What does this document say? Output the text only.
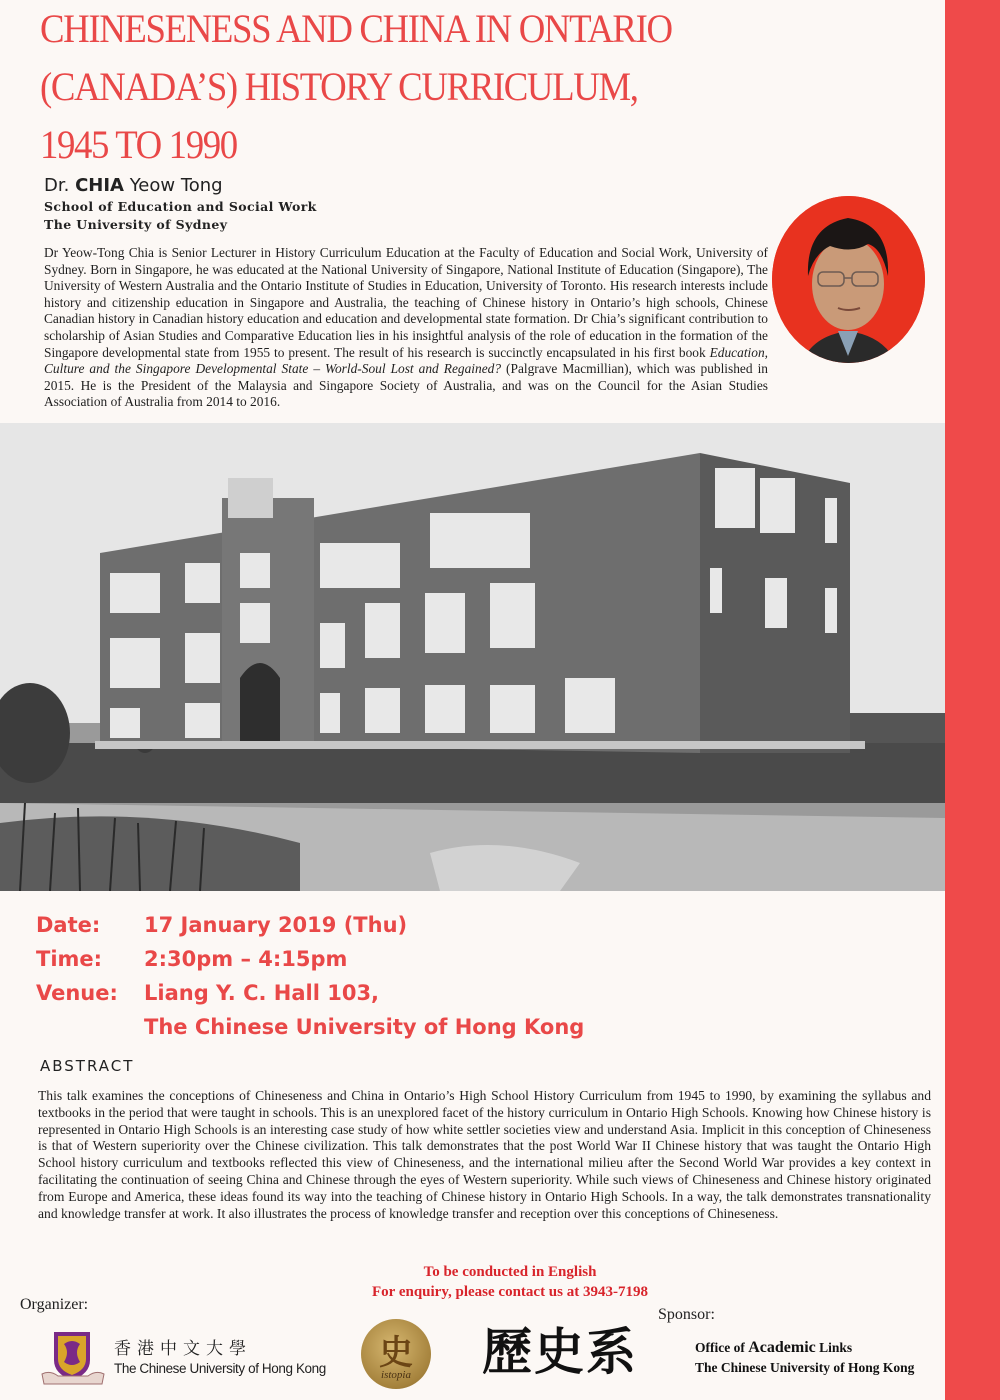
CHINESENESS AND CHINA IN ONTARIO
(CANADA’S) HISTORY CURRICULUM,
1945 TO 1990
Dr. CHIA Yeow Tong
School of Education and Social Work
The University of Sydney
Dr Yeow-Tong Chia is Senior Lecturer in History Curriculum Education at the Faculty of Education and Social Work, University of Sydney. Born in Singapore, he was educated at the National University of Singapore, National Institute of Education (Singapore), The University of Western Australia and the Ontario Institute of Studies in Education, University of Toronto. His research interests include history and citizenship education in Singapore and Australia, the teaching of Chinese history in Ontario’s high schools, Chinese Canadian history in Canadian history education and education and developmental state formation. Dr Chia’s significant contribution to scholarship of Asian Studies and Comparative Education lies in his insightful analysis of the role of education in the formation of the Singapore developmental state from 1955 to present. The result of his research is succinctly encapsulated in his first book Education, Culture and the Singapore Developmental State – World-Soul Lost and Regained? (Palgrave Macmillian), which was published in 2015. He is the President of the Malaysia and Singapore Society of Australia, and was on the Council for the Asian Studies Association of Australia from 2014 to 2016.
Date:	17 January 2019 (Thu)
Time:	2:30pm – 4:15pm
Venue:	Liang Y. C. Hall 103,
The Chinese University of Hong Kong
ABSTRACT
This talk examines the conceptions of Chineseness and China in Ontario’s High School History Curriculum from 1945 to 1990, by examining the syllabus and textbooks in the period that were taught in schools. This is an unexplored facet of the history curriculum in Ontario High Schools. Knowing how Chinese history is represented in Ontario High Schools is an interesting case study of how white settler societies view and understand Asia. Implicit in this conception of Chineseness is that of Western superiority over the Chinese civilization. This talk demonstrates that the post World War II Chinese history that was taught the Ontario High School history curriculum and textbooks reflected this view of Chineseness, and the international milieu after the Second World War provides a key context in facilitating the continuation of seeing China and Chinese through the eyes of Western superiority. While such views of Chineseness and Chinese history originated from Europe and America, these ideas found its way into the teaching of Chinese history in Ontario High Schools. In a way, the talk demonstrates transnationality and knowledge transfer at work. It also illustrates the process of knowledge transfer and reception over this conceptions of Chineseness.
To be conducted in English
For enquiry, please contact us at 3943-7198
Organizer:
Sponsor:
香港中文大學
The Chinese University of Hong Kong	史
istopia	歷史系	Office of Academic Links
The Chinese University of Hong Kong
